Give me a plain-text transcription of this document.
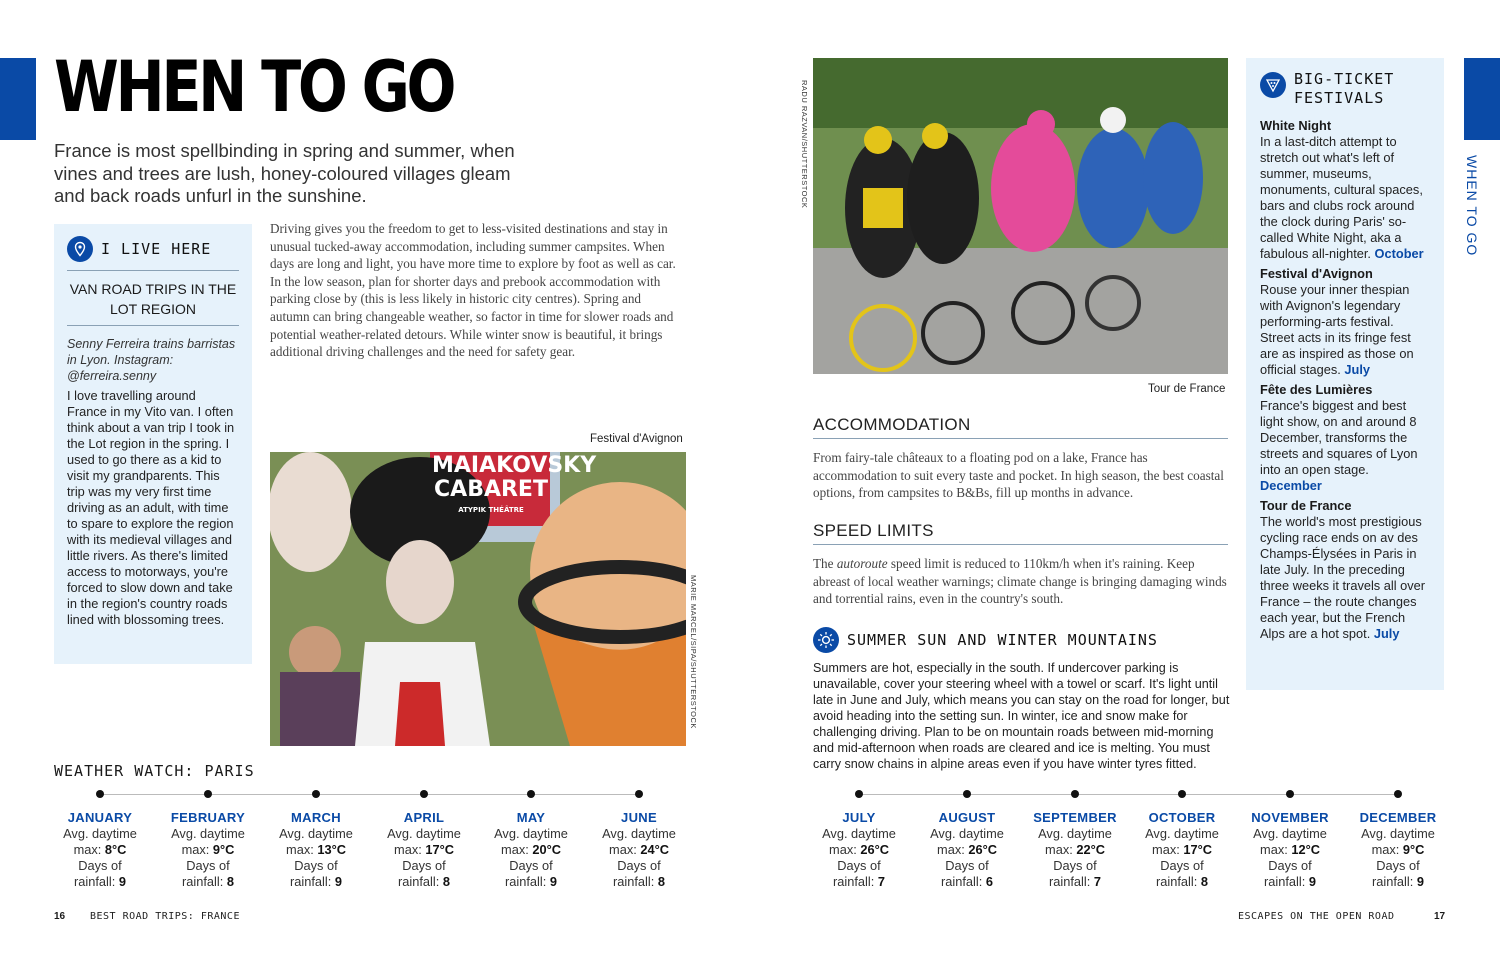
WHEN TO GO
WHEN TO GO
France is most spellbinding in spring and summer, when vines and trees are lush, honey-coloured villages gleam and back roads unfurl in the sunshine.
I LIVE HERE
VAN ROAD TRIPS IN THE LOT REGION
Senny Ferreira trains barristas in Lyon. Instagram: @ferreira.senny
I love travelling around France in my Vito van. I often think about a van trip I took in the Lot region in the spring. I used to go there as a kid to visit my grandparents. This trip was my very first time driving as an adult, with time to spare to explore the region with its medieval villages and little rivers. As there's limited access to motorways, you're forced to slow down and take in the region's country roads lined with blossoming trees.
Driving gives you the freedom to get to less-visited destinations and stay in unusual tucked-away accommodation, including summer campsites. When days are long and light, you have more time to explore by foot as well as car. In the low season, plan for shorter days and prebook accommodation with parking close by (this is less likely in historic city centres). Spring and autumn can bring changeable weather, so factor in time for slower roads and potential weather-related detours. While winter snow is beautiful, it brings additional driving challenges and the need for safety gear.
Festival d'Avignon
MAIAKOVSKY CABARET
ATYPIK THÉÂTRE
MARIE MARCEL/SIPA/SHUTTERSTOCK
RADU RAZVAN/SHUTTERSTOCK
Tour de France
ACCOMMODATION
From fairy-tale châteaux to a floating pod on a lake, France has accommodation to suit every taste and pocket. In high season, the best coastal options, from campsites to B&Bs, fill up months in advance.
SPEED LIMITS
The autoroute speed limit is reduced to 110km/h when it's raining. Keep abreast of local weather warnings; climate change is bringing damaging winds and torrential rains, even in the country's south.
SUMMER SUN AND WINTER MOUNTAINS
Summers are hot, especially in the south. If undercover parking is unavailable, cover your steering wheel with a towel or scarf. It's light until late in June and July, which means you can stay on the road for longer, but avoid heading into the setting sun. In winter, ice and snow make for challenging driving. Plan to be on mountain roads between mid-morning and mid-afternoon when roads are cleared and ice is melting. You must carry snow chains in alpine areas even if you have winter tyres fitted.
BIG-TICKET FESTIVALS
White Night
In a last-ditch attempt to stretch out what's left of summer, museums, monuments, cultural spaces, bars and clubs rock around the clock during Paris' so-called White Night, aka a fabulous all-nighter. October
Festival d'Avignon
Rouse your inner thespian with Avignon's legendary performing-arts festival. Street acts in its fringe fest are as inspired as those on official stages. July
Fête des Lumières
France's biggest and best light show, on and around 8 December, transforms the streets and squares of Lyon into an open stage. December
Tour de France
The world's most prestigious cycling race ends on av des Champs-Élysées in Paris in late July. In the preceding three weeks it travels all over France – the route changes each year, but the French Alps are a hot spot. July
WEATHER WATCH: PARIS
JANUARY
Avg. daytime
max: 8°C
Days of
rainfall: 9
FEBRUARY
Avg. daytime
max: 9°C
Days of
rainfall: 8
MARCH
Avg. daytime
max: 13°C
Days of
rainfall: 9
APRIL
Avg. daytime
max: 17°C
Days of
rainfall: 8
MAY
Avg. daytime
max: 20°C
Days of
rainfall: 9
JUNE
Avg. daytime
max: 24°C
Days of
rainfall: 8
JULY
Avg. daytime
max: 26°C
Days of
rainfall: 7
AUGUST
Avg. daytime
max: 26°C
Days of
rainfall: 6
SEPTEMBER
Avg. daytime
max: 22°C
Days of
rainfall: 7
OCTOBER
Avg. daytime
max: 17°C
Days of
rainfall: 8
NOVEMBER
Avg. daytime
max: 12°C
Days of
rainfall: 9
DECEMBER
Avg. daytime
max: 9°C
Days of
rainfall: 9
16 BEST ROAD TRIPS: FRANCE	ESCAPES ON THE OPEN ROAD	17
